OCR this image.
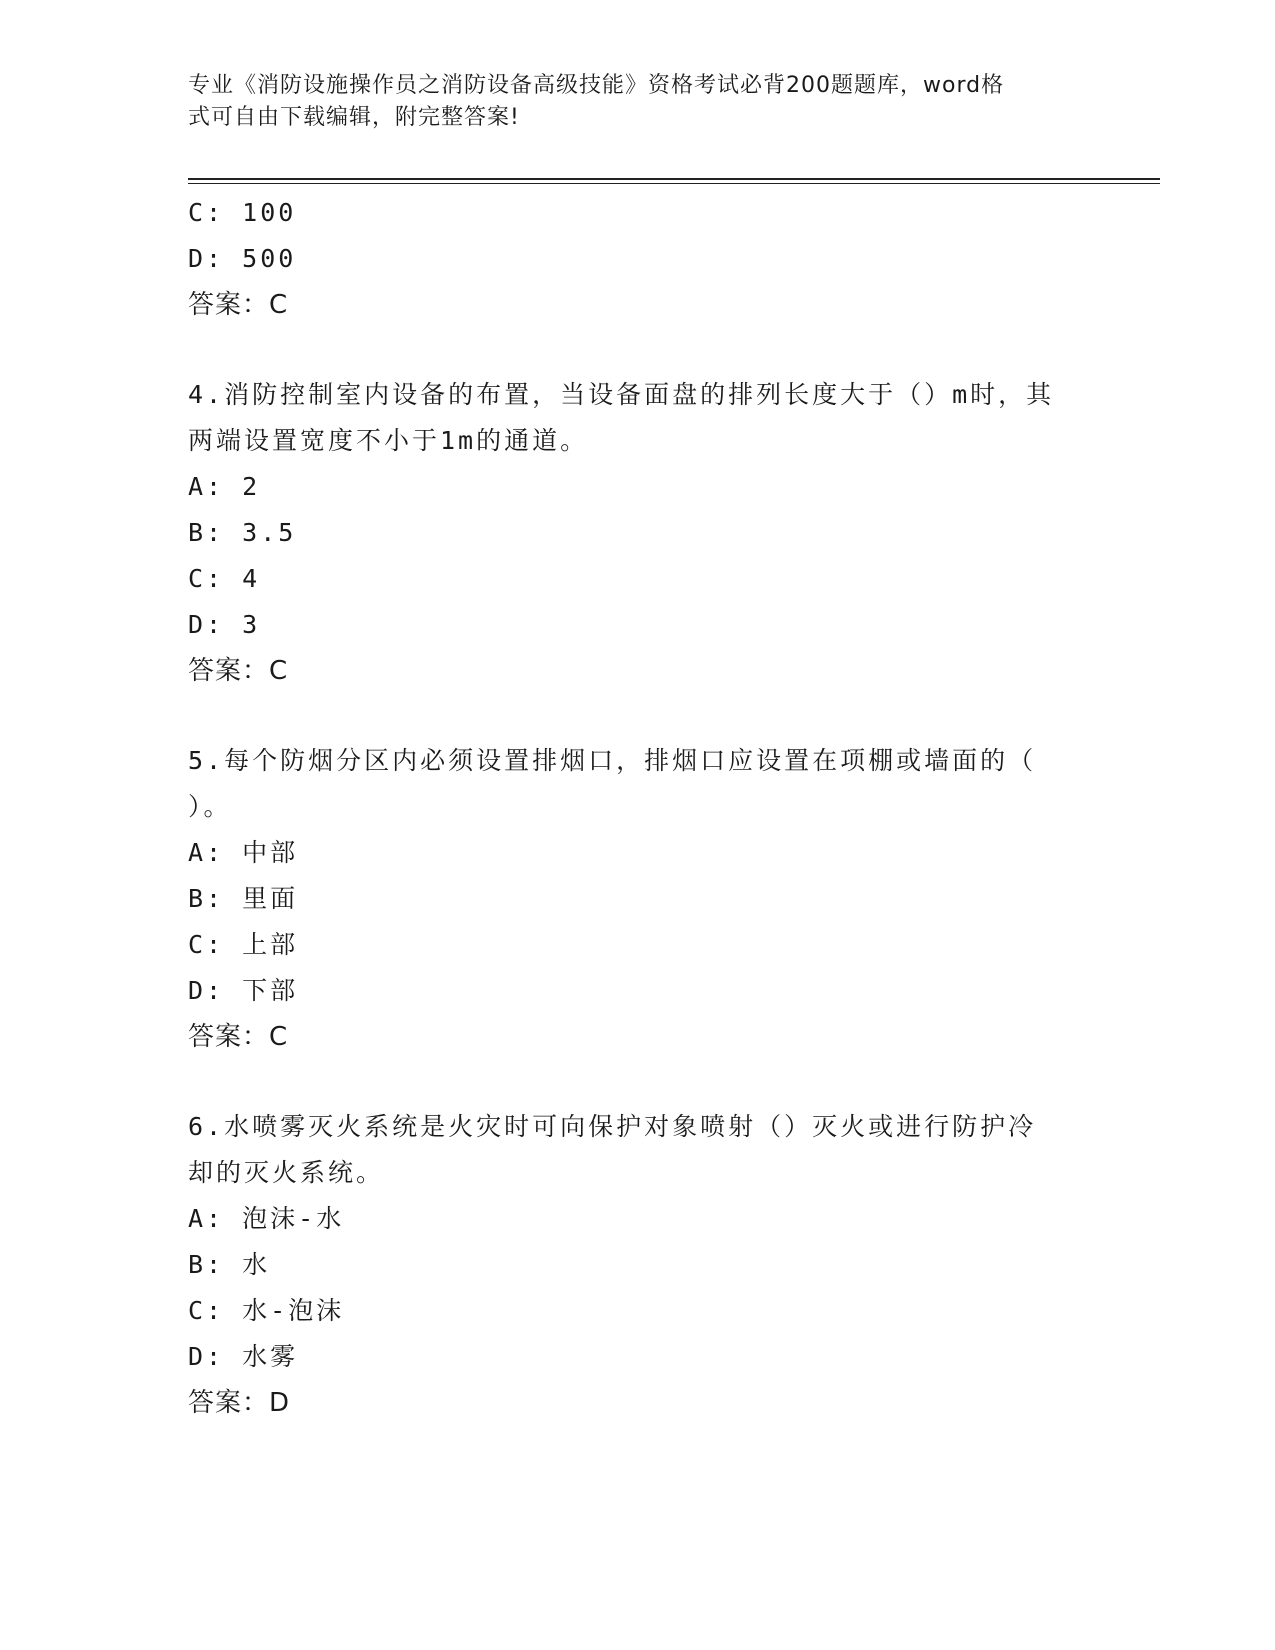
专业《消防设施操作员之消防设备高级技能》资格考试必背200题题库，word格
式可自由下载编辑，附完整答案!
C: 100
D: 500
答案：C
4.消防控制室内设备的布置，当设备面盘的排列长度大于（）m时，其
两端设置宽度不小于1m的通道。
A: 2
B: 3.5
C: 4
D: 3
答案：C
5.每个防烟分区内必须设置排烟口，排烟口应设置在项棚或墙面的（
）。
A: 中部
B: 里面
C: 上部
D: 下部
答案：C
6.水喷雾灭火系统是火灾时可向保护对象喷射（）灭火或进行防护冷
却的灭火系统。
A: 泡沫-水
B: 水
C: 水-泡沫
D: 水雾
答案：D
